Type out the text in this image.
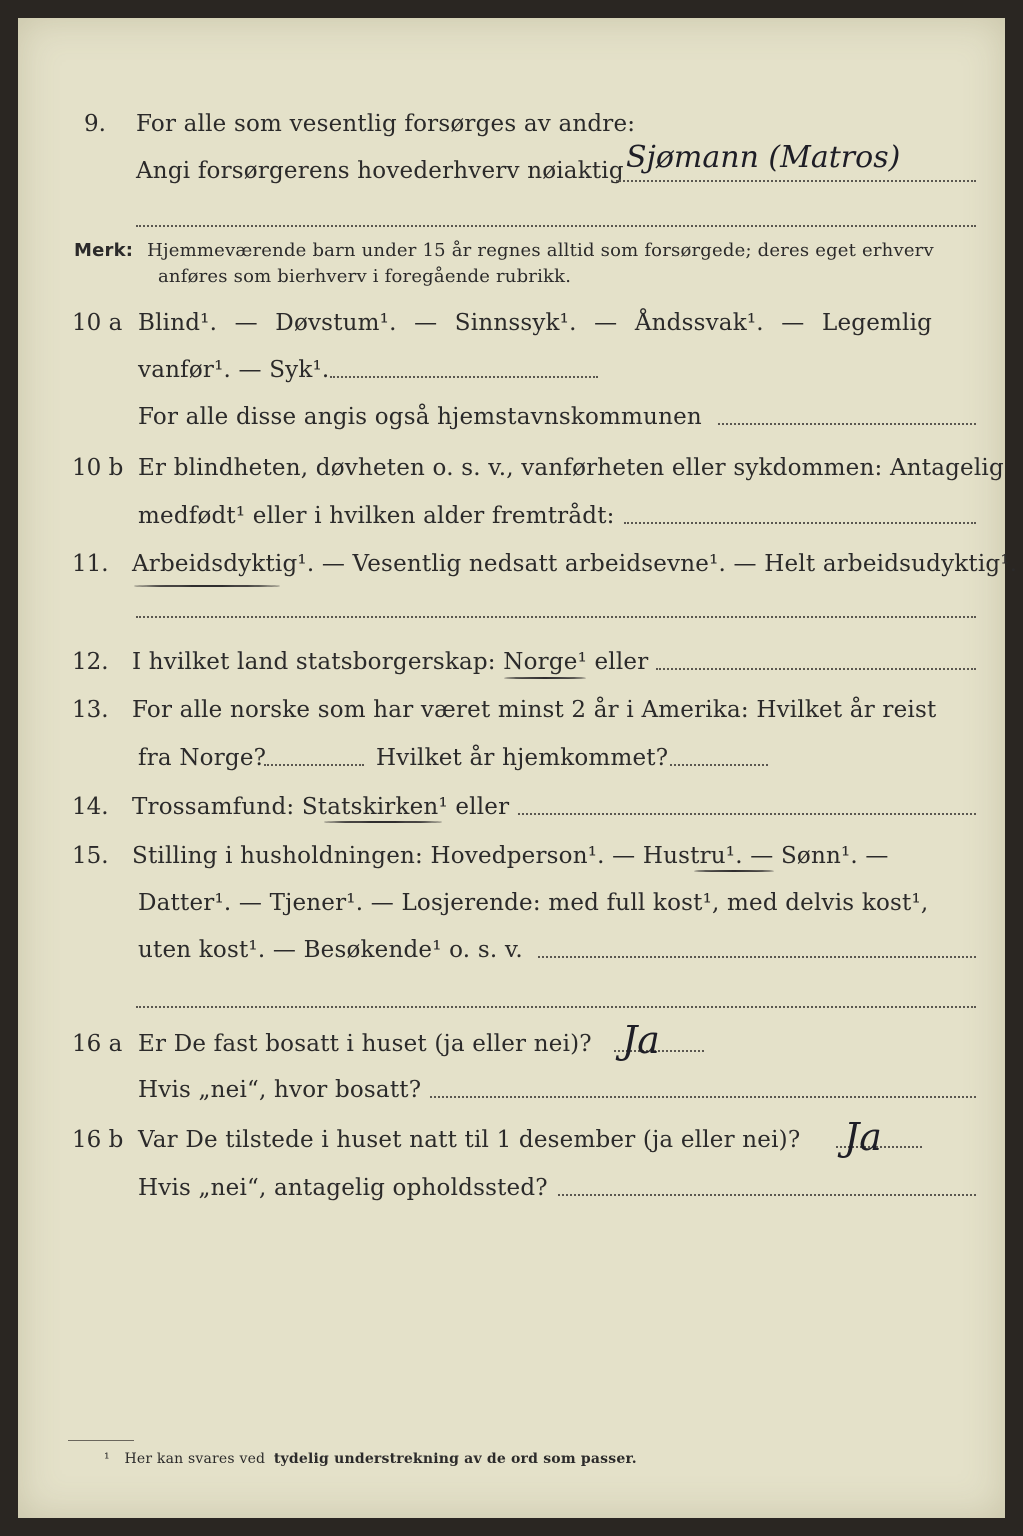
9. For alle som vesentlig forsørges av andre:
Angi forsørgerens hovederhverv nøiaktig Sjømann (Matros)
Merk: Hjemmeværende barn under 15 år regnes alltid som forsørgede; deres eget erhverv
anføres som bierhverv i foregående rubrikk.
10 a Blind¹. — Døvstum¹. — Sinnssyk¹. — Åndssvak¹. — Legemlig
vanfør¹. — Syk¹.
For alle disse angis også hjemstavnskommunen
10 b Er blindheten, døvheten o. s. v., vanførheten eller sykdommen: Antagelig
medfødt¹ eller i hvilken alder fremtrådt:
11. Arbeidsdyktig¹. — Vesentlig nedsatt arbeidsevne¹. — Helt arbeidsudyktig¹.
12. I hvilket land statsborgerskap: Norge¹ eller
13. For alle norske som har været minst 2 år i Amerika: Hvilket år reist
fra Norge?	Hvilket år hjemkommet?
14. Trossamfund: Statskirken¹ eller
15. Stilling i husholdningen: Hovedperson¹. — Hustru¹. — Sønn¹. —
Datter¹. — Tjener¹. — Losjerende: med full kost¹, med delvis kost¹,
uten kost¹. — Besøkende¹ o. s. v.
16 a Er De fast bosatt i huset (ja eller nei)? Ja
Hvis „nei“, hvor bosatt?
16 b Var De tilstede i huset natt til 1 desember (ja eller nei)? Ja
Hvis „nei“, antagelig opholdssted?
¹ Her kan svares ved tydelig understrekning av de ord som passer.
